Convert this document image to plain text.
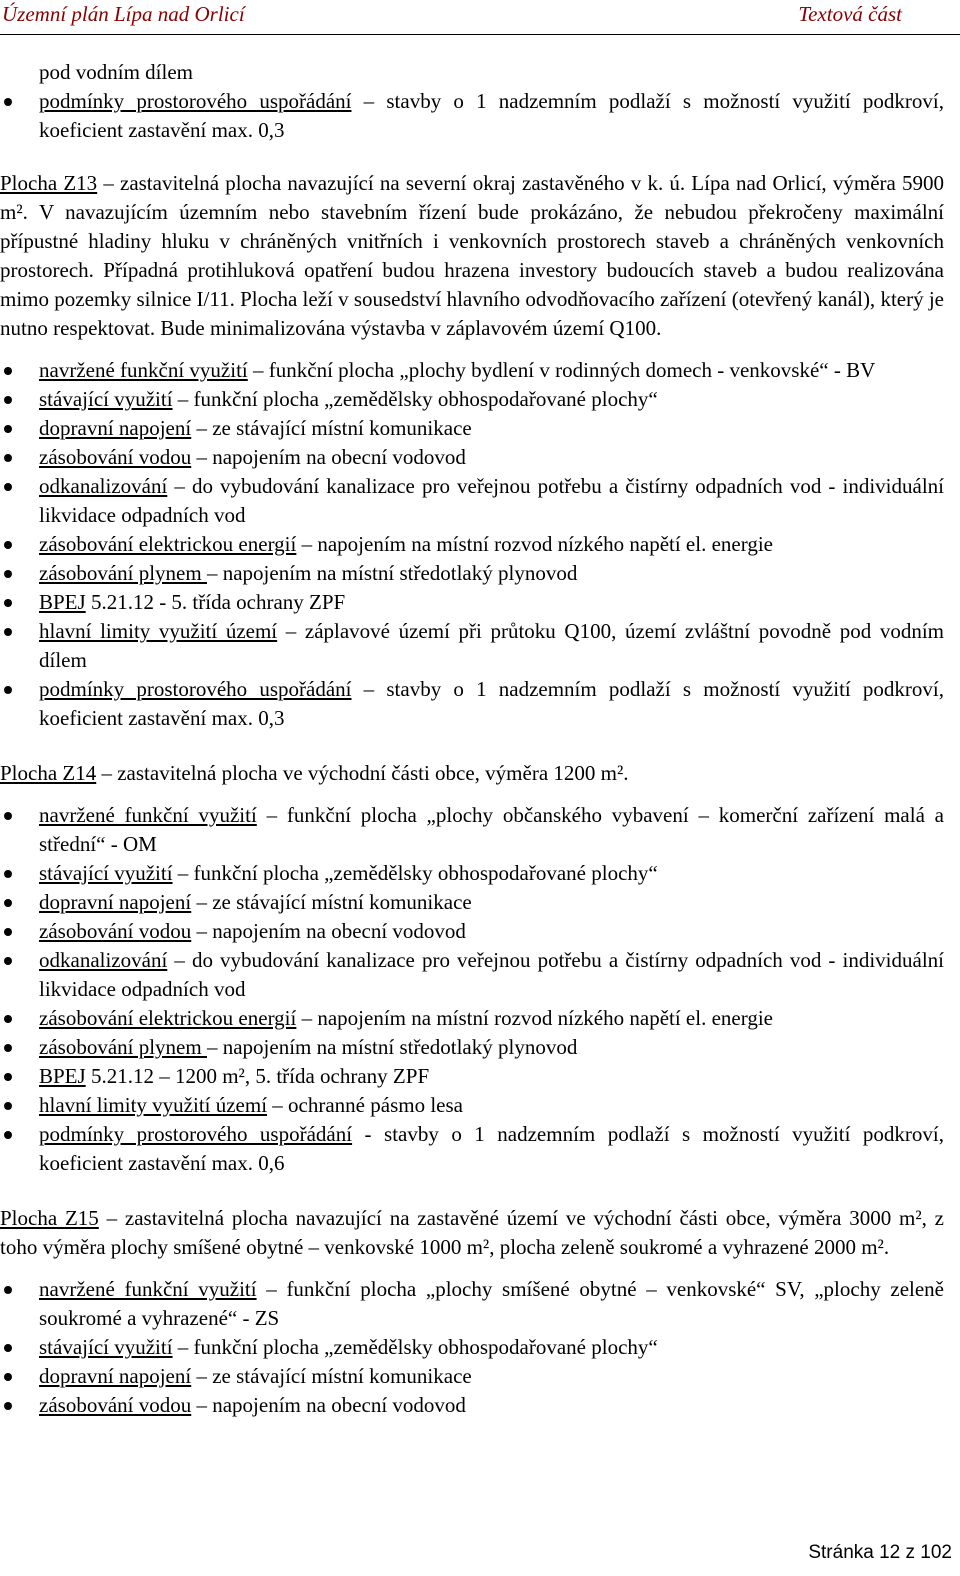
Územní plán Lípa nad Orlicí	Textová část
pod vodním dílem
podmínky prostorového uspořádání – stavby o 1 nadzemním podlaží s možností využití podkroví, koeficient zastavění max. 0,3
Plocha Z13 – zastavitelná plocha navazující na severní okraj zastavěného v k. ú. Lípa nad Orlicí, výměra 5900 m². V navazujícím územním nebo stavebním řízení bude prokázáno, že nebudou překročeny maximální přípustné hladiny hluku v chráněných vnitřních i venkovních prostorech staveb a chráněných venkovních prostorech. Případná protihluková opatření budou hrazena investory budoucích staveb a budou realizována mimo pozemky silnice I/11. Plocha leží v sousedství hlavního odvodňovacího zařízení (otevřený kanál), který je nutno respektovat. Bude minimalizována výstavba v záplavovém území Q100.
navržené funkční využití – funkční plocha „plochy bydlení v rodinných domech - venkovské“ - BV
stávající využití – funkční plocha „zemědělsky obhospodařované plochy“
dopravní napojení – ze stávající místní komunikace
zásobování vodou – napojením na obecní vodovod
odkanalizování – do vybudování kanalizace pro veřejnou potřebu a čistírny odpadních vod - individuální likvidace odpadních vod
zásobování elektrickou energií – napojením na místní rozvod nízkého napětí el. energie
zásobování plynem – napojením na místní středotlaký plynovod
BPEJ 5.21.12 - 5. třída ochrany ZPF
hlavní limity využití území – záplavové území při průtoku Q100, území zvláštní povodně pod vodním dílem
podmínky prostorového uspořádání – stavby o 1 nadzemním podlaží s možností využití podkroví, koeficient zastavění max. 0,3
Plocha Z14 – zastavitelná plocha ve východní části obce, výměra 1200 m².
navržené funkční využití – funkční plocha „plochy občanského vybavení – komerční zařízení malá a střední“ - OM
stávající využití – funkční plocha „zemědělsky obhospodařované plochy“
dopravní napojení – ze stávající místní komunikace
zásobování vodou – napojením na obecní vodovod
odkanalizování – do vybudování kanalizace pro veřejnou potřebu a čistírny odpadních vod - individuální likvidace odpadních vod
zásobování elektrickou energií – napojením na místní rozvod nízkého napětí el. energie
zásobování plynem – napojením na místní středotlaký plynovod
BPEJ 5.21.12 – 1200 m², 5. třída ochrany ZPF
hlavní limity využití území – ochranné pásmo lesa
podmínky prostorového uspořádání - stavby o 1 nadzemním podlaží s možností využití podkroví, koeficient zastavění max. 0,6
Plocha Z15 – zastavitelná plocha navazující na zastavěné území ve východní části obce, výměra 3000 m², z toho výměra plochy smíšené obytné – venkovské 1000 m², plocha zeleně soukromé a vyhrazené 2000 m².
navržené funkční využití – funkční plocha „plochy smíšené obytné – venkovské“ SV, „plochy zeleně soukromé a vyhrazené“ - ZS
stávající využití – funkční plocha „zemědělsky obhospodařované plochy“
dopravní napojení – ze stávající místní komunikace
zásobování vodou – napojením na obecní vodovod
Stránka 12 z 102
